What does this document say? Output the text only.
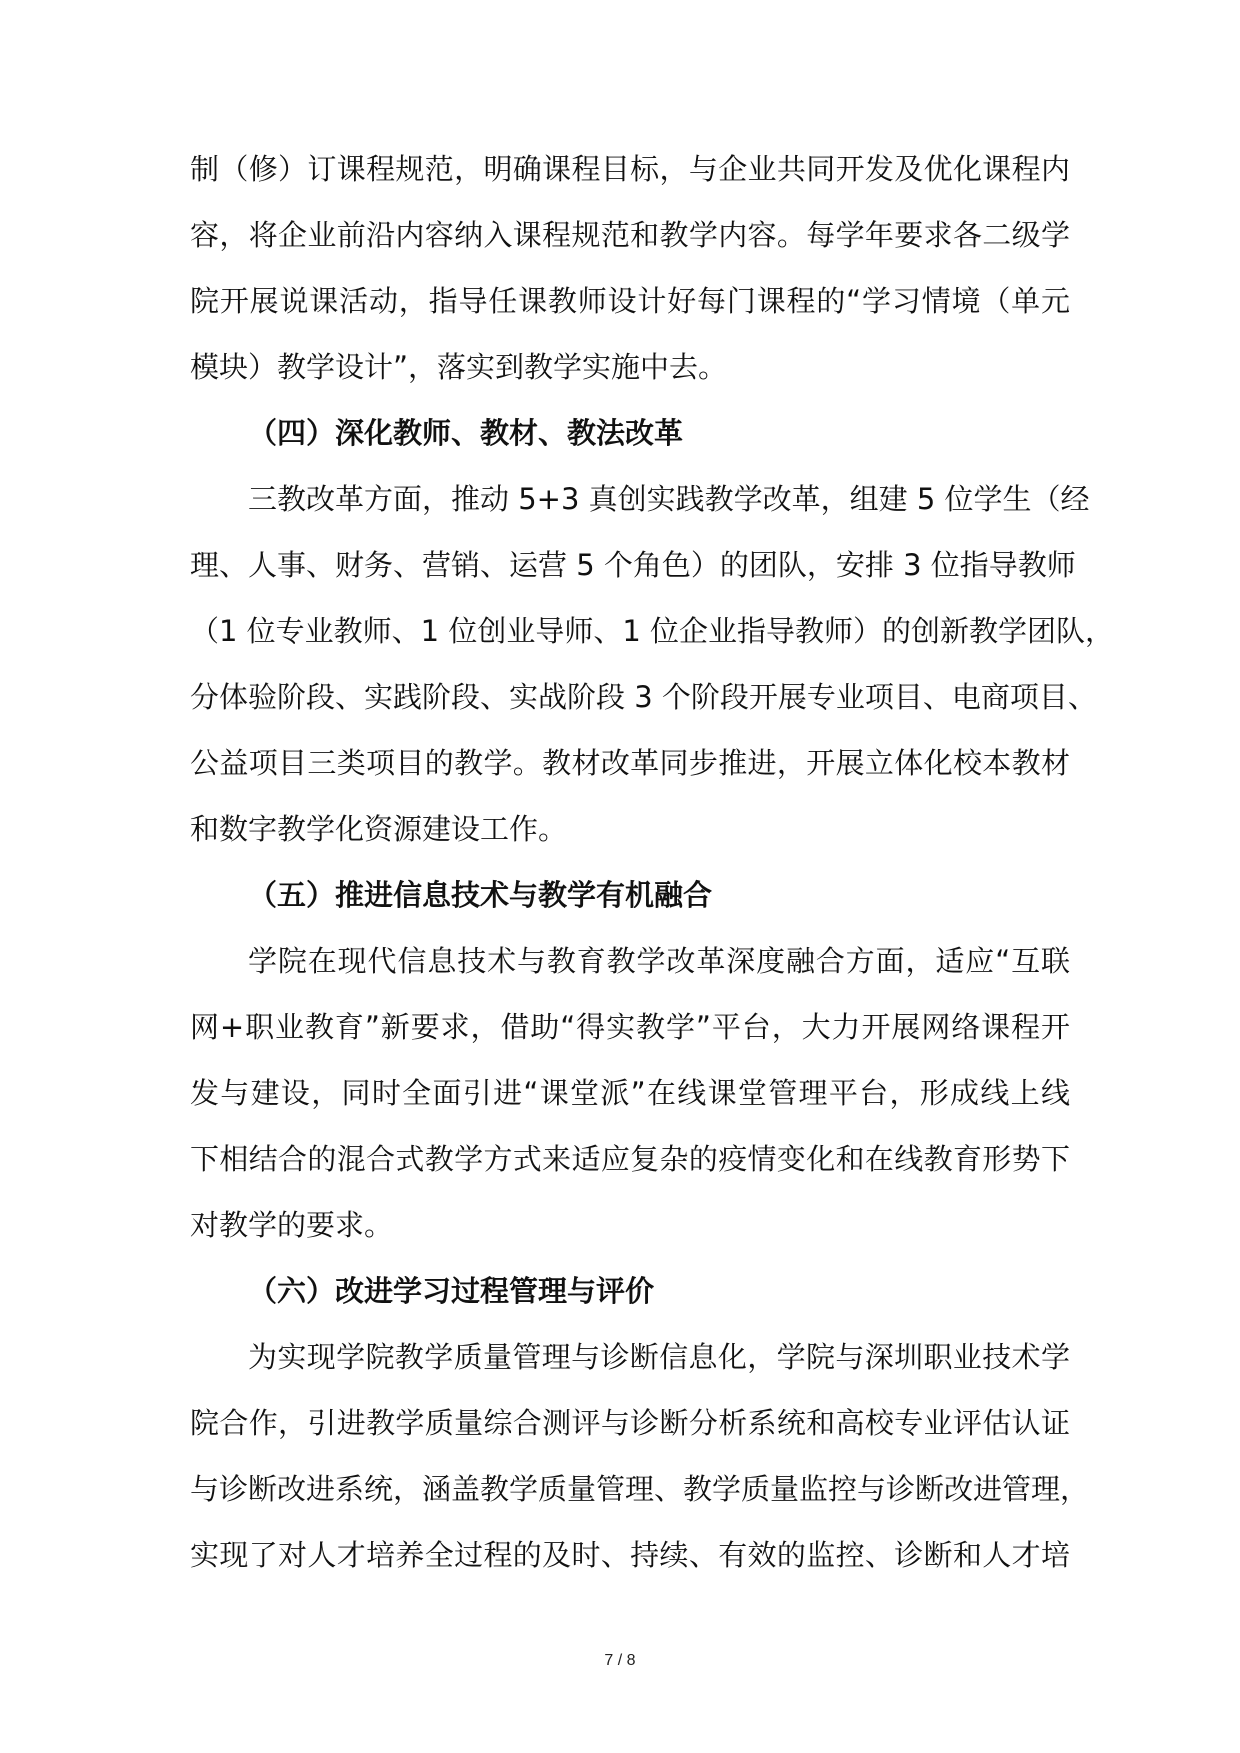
制（修）订课程规范，明确课程目标，与企业共同开发及优化课程内
容，将企业前沿内容纳入课程规范和教学内容。每学年要求各二级学
院开展说课活动，指导任课教师设计好每门课程的“学习情境（单元
模块）教学设计”，落实到教学实施中去。
（四）深化教师、教材、教法改革
三教改革方面，推动 5+3 真创实践教学改革，组建 5 位学生（经
理、人事、财务、营销、运营 5 个角色）的团队，安排 3 位指导教师
（1 位专业教师、1 位创业导师、1 位企业指导教师）的创新教学团队，
分体验阶段、实践阶段、实战阶段 3 个阶段开展专业项目、电商项目、
公益项目三类项目的教学。教材改革同步推进，开展立体化校本教材
和数字教学化资源建设工作。
（五）推进信息技术与教学有机融合
学院在现代信息技术与教育教学改革深度融合方面，适应“互联
网+职业教育”新要求，借助“得实教学”平台，大力开展网络课程开
发与建设，同时全面引进“课堂派”在线课堂管理平台，形成线上线
下相结合的混合式教学方式来适应复杂的疫情变化和在线教育形势下
对教学的要求。
（六）改进学习过程管理与评价
为实现学院教学质量管理与诊断信息化，学院与深圳职业技术学
院合作，引进教学质量综合测评与诊断分析系统和高校专业评估认证
与诊断改进系统，涵盖教学质量管理、教学质量监控与诊断改进管理，
实现了对人才培养全过程的及时、持续、有效的监控、诊断和人才培
7 / 8
